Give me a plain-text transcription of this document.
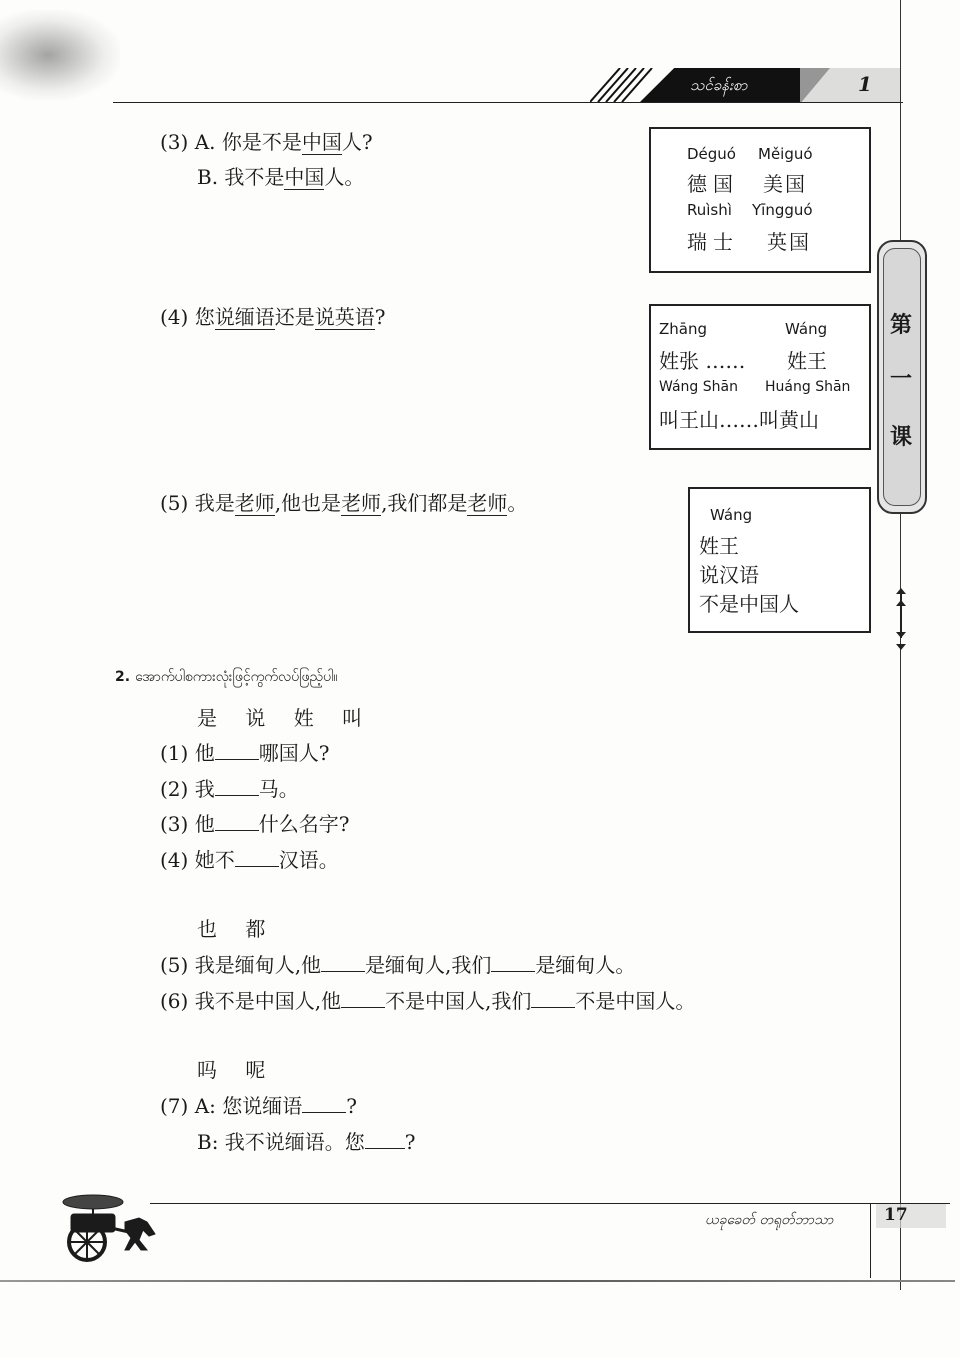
သင်ခန်းစာ	1
第
一
课
(3) A. 你是不是中国人?
B. 我不是中国人。
Déguó Měiguó
德国 美国
Ruìshì Yīngguó
瑞士 英国
(4) 您说缅语还是说英语?	Zhāng	Wáng
姓张 …… 姓王
Wáng Shān Huáng Shān
叫王山……叫黄山
(5) 我是老师,他也是老师,我们都是老师。	Wáng
姓王
说汉语
不是中国人
2. အောက်ပါစကားလုံးဖြင့်ကွက်လပ်ဖြည့်ပါ။
是 说 姓 叫
(1) 他 哪国人?
(2) 我 马。
(3) 他 什么名字?
(4) 她不 汉语。
也 都
(5) 我是缅甸人,他 是缅甸人,我们 是缅甸人。
(6) 我不是中国人,他 不是中国人,我们 不是中国人。
吗 呢
(7) A: 您说缅语 ?
B: 我不说缅语。您 ?
ယခုခေတ် တရုတ်ဘာသာ	17
